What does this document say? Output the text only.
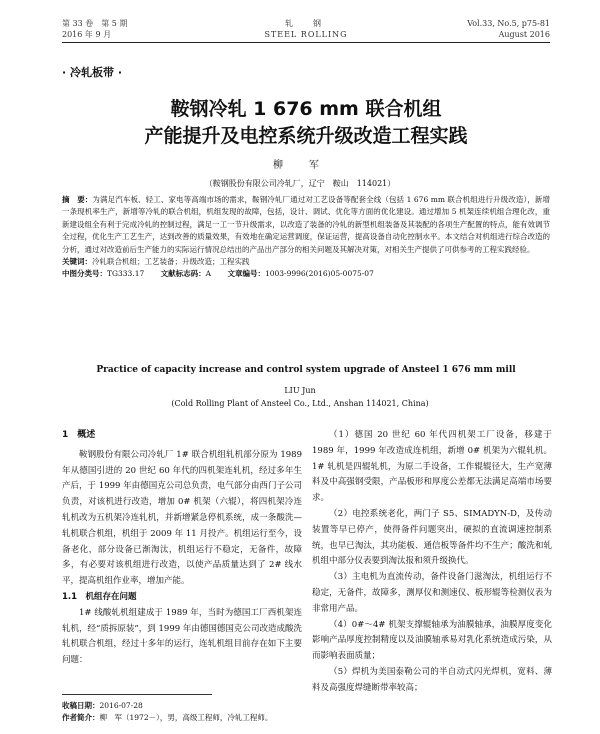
第 33 卷　第 5 期
2016 年 9 月
轧　钢
STEEL ROLLING
Vol.33, No.5, p75-81
August 2016
· 冷轧板带 ·
鞍钢冷轧 1 676 mm 联合机组
产能提升及电控系统升级改造工程实践
柳　军
（鞍钢股份有限公司冷轧厂，辽宁　鞍山　114021）
摘　要：为满足汽车板、轻工、家电等高端市场的需求，鞍钢冷轧厂通过对工艺设备等配套全线（包括 1 676 mm 联合机组进行升级改造），新增一条现机率生产，新增等冷轧的联合机组，机组发现的故障，包括，设计、调试、优化等方面的优化建设。通过增加 5 机架连续机组合理化改，重新建设组全有利于完成冷轧的控制过程，满足一工一节升级需求，以改造了装备的冷轧的新型机组装备及其装配的各项生产配置的特点，能有效调节全过程，优化生产工艺生产，达到改善的质量效果，有效地在确定运营调度，保证运营，提高设备自动化控制水平。本文结合对机组进行综合改造的分析，通过对改造前后生产能力的实际运行情况总结出的产品出产部分的相关问题及其解决对策，对相关生产提供了可供参考的工程实践经验。
关键词：冷轧联合机组；工艺装备；升级改造；工程实践
中图分类号：TG333.17 文献标志码：A 文章编号：1003-9996(2016)05-0075-07
Practice of capacity increase and control system upgrade of Ansteel 1 676 mm mill
LIU Jun
(Cold Rolling Plant of Ansteel Co., Ltd., Anshan 114021, China)
1　概述

鞍钢股份有限公司冷轧厂 1# 联合机组轧机部分原为 1989 年从德国引进的 20 世纪 60 年代的四机架连轧机，经过多年生产后，于 1999 年由德国克公司总负责，电气部分由西门子公司负责，对该机进行改造，增加 0# 机架（六辊），将四机架冷连轧机改为五机架冷连轧机，并新增紧急停机系统，成一条酸洗—轧机联合机组，机组于 2009 年 11 月投产。机组运行至今，设备老化，部分设备已渐淘汰，机组运行不稳定，无备件，故障多，有必要对该机组进行改造，以使产品质量达到了 2# 线水平，提高机组作业率，增加产能。

1.1　机组存在问题

1# 线酸轧机组建成于 1989 年，当时为德国工厂西机架连轧机，经“质拆原装”，到 1999 年由德国德国克公司改造成酸洗轧机联合机组，经过十多年的运行，连轧机组目前存在如下主要问题：

（1）德国 20 世纪 60 年代四机架工厂设备，移建于 1989 年，1999 年改造成连机组，新增 0# 机架为六辊轧机。1# 轧机是四辊轧机，为原二手设备，工作辊辊径大，生产宽薄料及中高强钢受限，产品板形和厚度公差都无法满足高端市场要求。

（2）电控系统老化，两门子 S5、SIMADYN-D，及传动装置等早已停产，使得备件问题突出，硬拟的直流调速控制系统，也早已淘汰，其功能板、通信板等备件均不生产；酸洗和轧机组中部分仪表要到淘汰报和须升级换代。

（3）主电机为直流传动，备件设备门滋淘汰，机组运行不稳定，无备件，故障多，测厚仪和测速仪、板形辊等检测仪表为非常用产品。

（4）0#～4# 机架支撑辊轴承为油膜轴承，油膜厚度变化影响产品厚度控制精度以及油膜轴承易对乳化系统造成污染，从而影响表面质量；

（5）焊机为美国泰勒公司的半自动式闪光焊机，宽料、薄料及高强度焊缝断带率较高；

收稿日期：2016-07-28
作者简介：柳　军（1972－），男，高级工程师，冷轧工程师。
